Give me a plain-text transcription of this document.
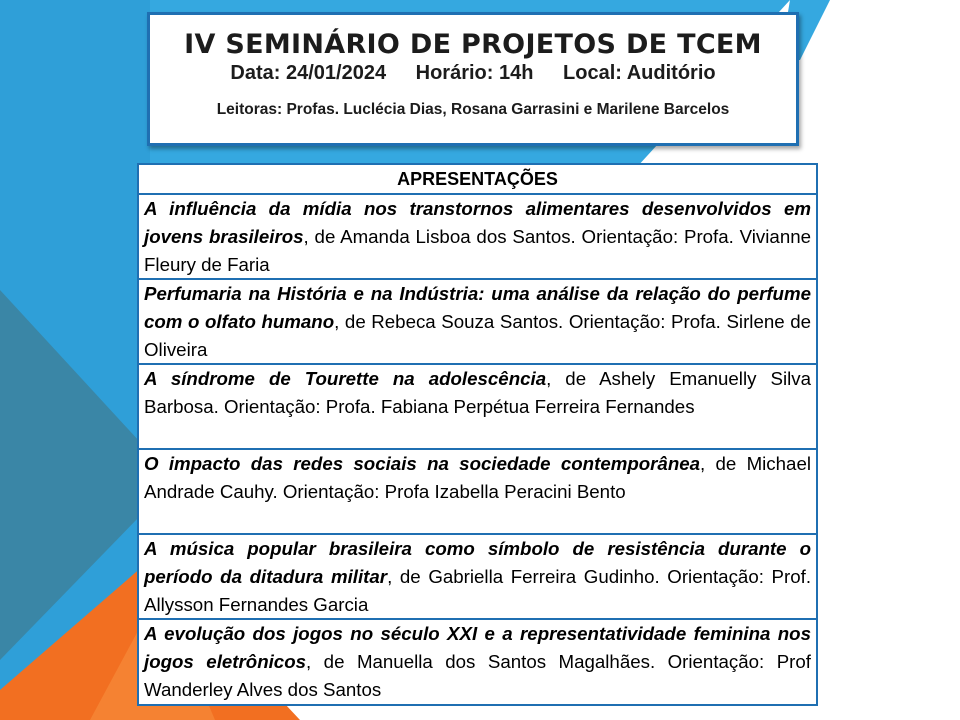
IV SEMINÁRIO DE PROJETOS DE TCEM
Data: 24/01/2024 Horário: 14h Local: Auditório
Leitoras: Profas. Luclécia Dias, Rosana Garrasini e Marilene Barcelos
APRESENTAÇÕES
A influência da mídia nos transtornos alimentares desenvolvidos em jovens brasileiros, de Amanda Lisboa dos Santos. Orientação: Profa. Vivianne Fleury de Faria
Perfumaria na História e na Indústria: uma análise da relação do perfume com o olfato humano, de Rebeca Souza Santos. Orientação: Profa. Sirlene de Oliveira
A síndrome de Tourette na adolescência, de Ashely Emanuelly Silva Barbosa. Orientação: Profa. Fabiana Perpétua Ferreira Fernandes
O impacto das redes sociais na sociedade contemporânea, de Michael Andrade Cauhy. Orientação: Profa Izabella Peracini Bento
A música popular brasileira como símbolo de resistência durante o período da ditadura militar, de Gabriella Ferreira Gudinho. Orientação: Prof. Allysson Fernandes Garcia
A evolução dos jogos no século XXI e a representatividade feminina nos jogos eletrônicos, de Manuella dos Santos Magalhães. Orientação: Prof Wanderley Alves dos Santos
